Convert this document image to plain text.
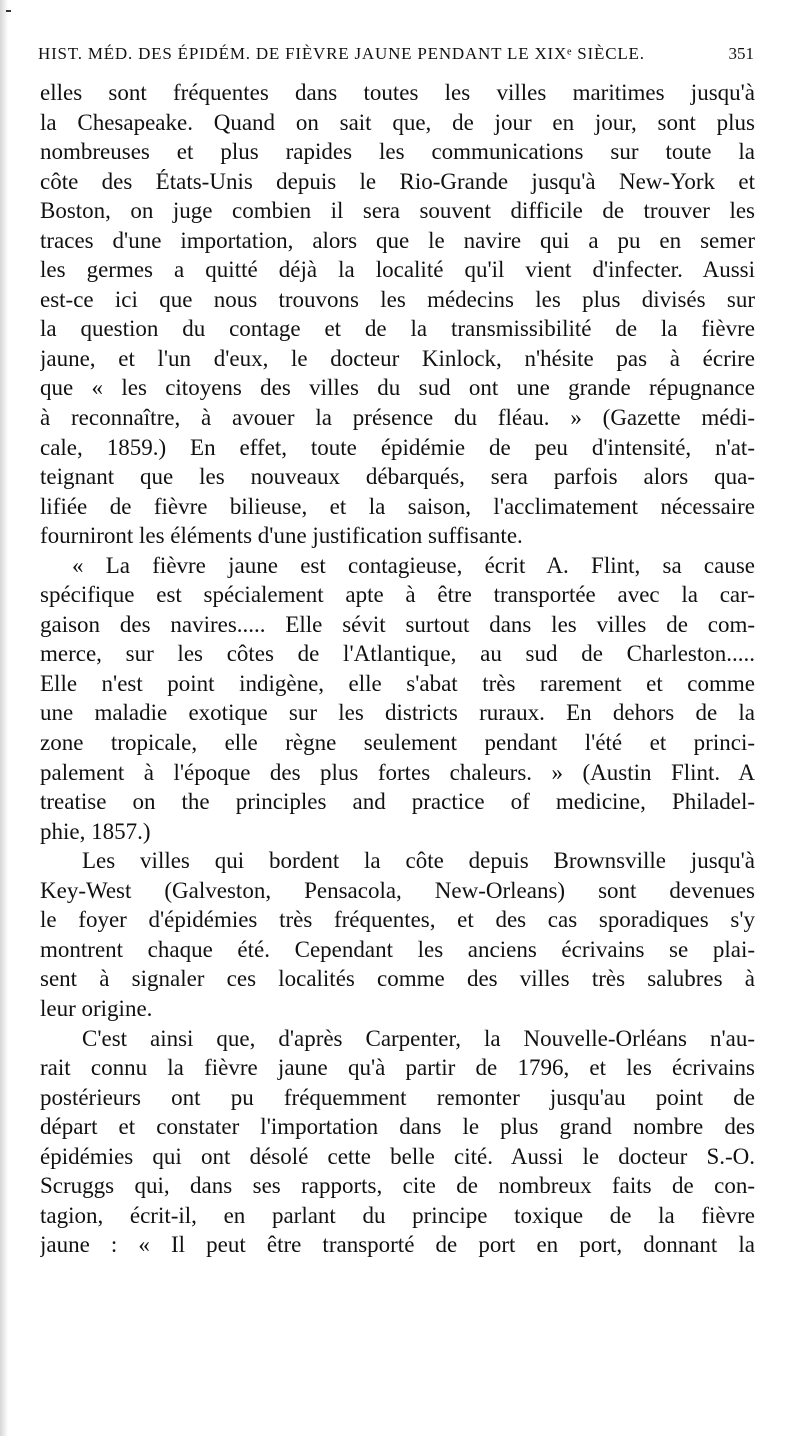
HIST. MÉD. DES ÉPIDÉM. DE FIÈVRE JAUNE PENDANT LE XIXᵉ SIÈCLE.	351
elles sont fréquentes dans toutes les villes maritimes jusqu'à
la Chesapeake. Quand on sait que, de jour en jour, sont plus
nombreuses et plus rapides les communications sur toute la
côte des États-Unis depuis le Rio-Grande jusqu'à New-York et
Boston, on juge combien il sera souvent difficile de trouver les
traces d'une importation, alors que le navire qui a pu en semer
les germes a quitté déjà la localité qu'il vient d'infecter. Aussi
est-ce ici que nous trouvons les médecins les plus divisés sur
la question du contage et de la transmissibilité de la fièvre
jaune, et l'un d'eux, le docteur Kinlock, n'hésite pas à écrire
que « les citoyens des villes du sud ont une grande répugnance
à reconnaître, à avouer la présence du fléau. » (Gazette médi-
cale, 1859.) En effet, toute épidémie de peu d'intensité, n'at-
teignant que les nouveaux débarqués, sera parfois alors qua-
lifiée de fièvre bilieuse, et la saison, l'acclimatement nécessaire
fourniront les éléments d'une justification suffisante.
« La fièvre jaune est contagieuse, écrit A. Flint, sa cause
spécifique est spécialement apte à être transportée avec la car-
gaison des navires..... Elle sévit surtout dans les villes de com-
merce, sur les côtes de l'Atlantique, au sud de Charleston.....
Elle n'est point indigène, elle s'abat très rarement et comme
une maladie exotique sur les districts ruraux. En dehors de la
zone tropicale, elle règne seulement pendant l'été et princi-
palement à l'époque des plus fortes chaleurs. » (Austin Flint. A
treatise on the principles and practice of medicine, Philadel-
phie, 1857.)
Les villes qui bordent la côte depuis Brownsville jusqu'à
Key-West (Galveston, Pensacola, New-Orleans) sont devenues
le foyer d'épidémies très fréquentes, et des cas sporadiques s'y
montrent chaque été. Cependant les anciens écrivains se plai-
sent à signaler ces localités comme des villes très salubres à
leur origine.
C'est ainsi que, d'après Carpenter, la Nouvelle-Orléans n'au-
rait connu la fièvre jaune qu'à partir de 1796, et les écrivains
postérieurs ont pu fréquemment remonter jusqu'au point de
départ et constater l'importation dans le plus grand nombre des
épidémies qui ont désolé cette belle cité. Aussi le docteur S.-O.
Scruggs qui, dans ses rapports, cite de nombreux faits de con-
tagion, écrit-il, en parlant du principe toxique de la fièvre
jaune : « Il peut être transporté de port en port, donnant la
